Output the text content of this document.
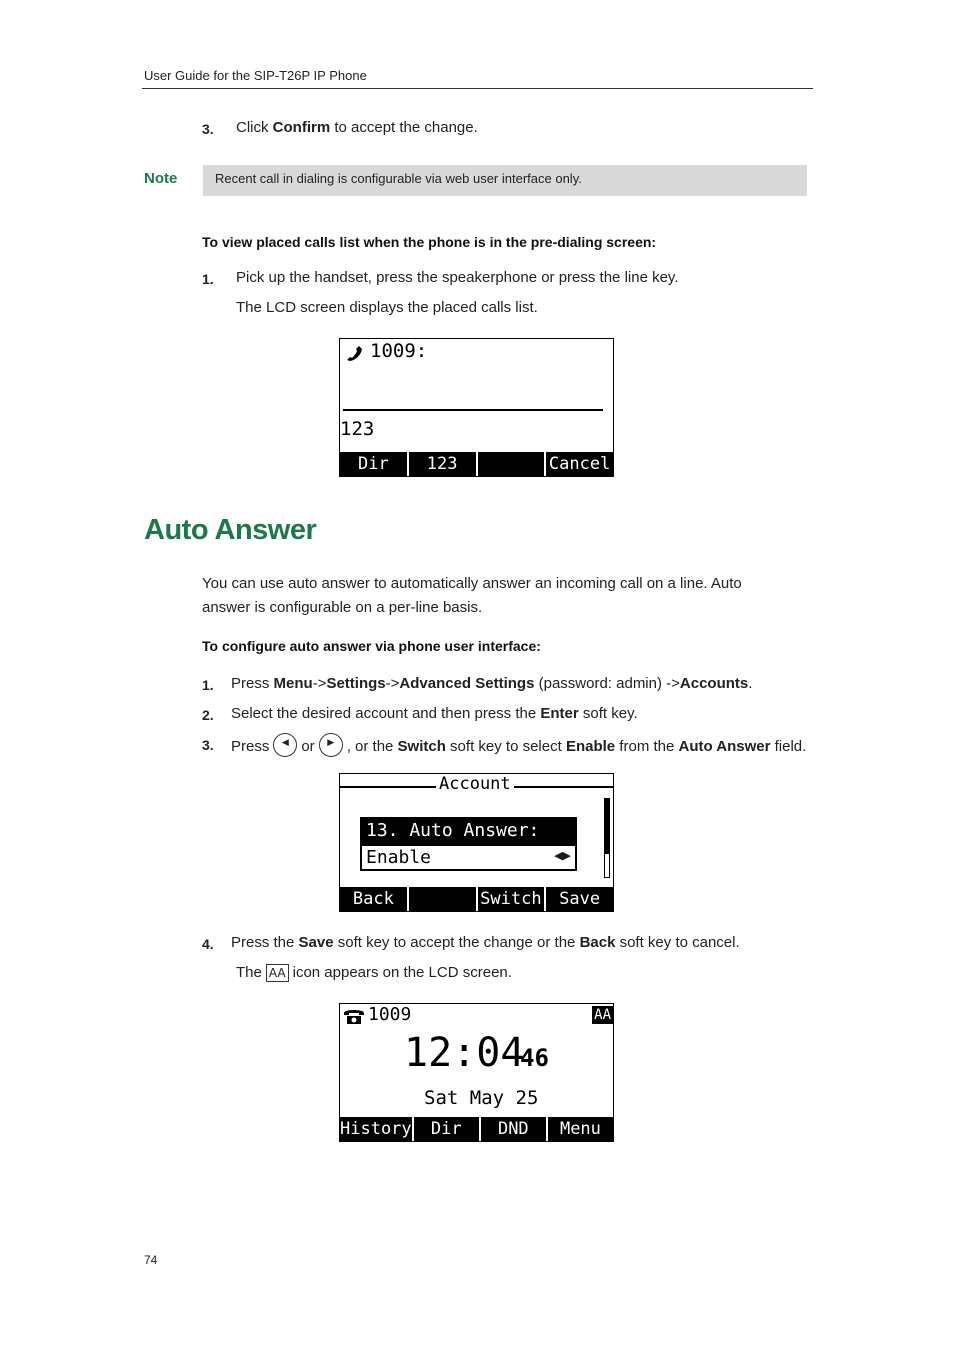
User Guide for the SIP-T26P IP Phone
3. Click Confirm to accept the change.
Note	Recent call in dialing is configurable via web user interface only.
To view placed calls list when the phone is in the pre-dialing screen:
1. Pick up the handset, press the speakerphone or press the line key.
The LCD screen displays the placed calls list.
1009:
123
Dir	123	Cancel
Auto Answer
You can use auto answer to automatically answer an incoming call on a line. Auto
answer is configurable on a per-line basis.
To configure auto answer via phone user interface:
1. Press Menu->Settings->Advanced Settings (password: admin) ->Accounts.
2. Select the desired account and then press the Enter soft key.
3. Press	◀ or	▶ , or the Switch soft key to select Enable from the Auto Answer field.
Account
13. Auto Answer:
Enable	◀▶
Back	Switch	Save
4. Press the Save soft key to accept the change or the Back soft key to cancel.
The AA icon appears on the LCD screen.
1009	AA
12:04
46
Sat May 25
History	Dir	DND	Menu
74
